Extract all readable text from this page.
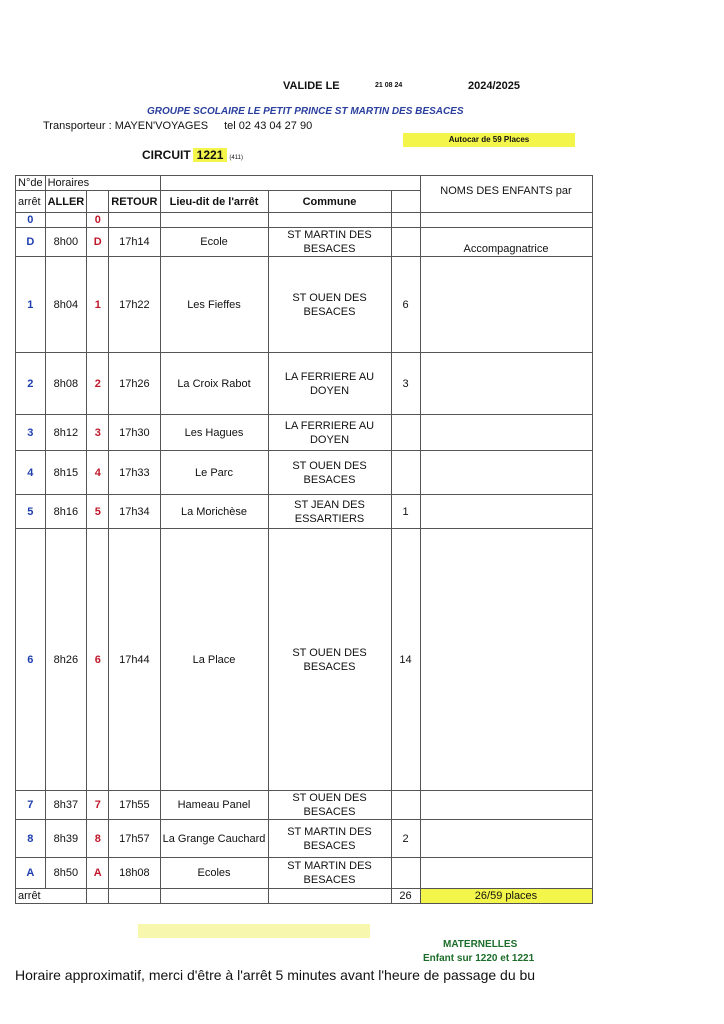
VALIDE LE	21 08 24	2024/2025
GROUPE SCOLAIRE LE PETIT PRINCE ST MARTIN DES BESACES
Transporteur : MAYEN'VOYAGES tel 02 43 04 27 90
Autocar de 59 Places
CIRCUIT 1221 (411)
N°de	Horaires						NOMS DES ENFANTS par
arrêt	ALLER		RETOUR	Lieu-dit de l'arrêt	Commune		
0		0					
D	8h00	D	17h14	Ecole	ST MARTIN DES BESACES		Accompagnatrice
1	8h04	1	17h22	Les Fieffes	ST OUEN DES BESACES	6	
2	8h08	2	17h26	La Croix Rabot	LA FERRIERE AU DOYEN	3	
3	8h12	3	17h30	Les Hagues	LA FERRIERE AU DOYEN		
4	8h15	4	17h33	Le Parc	ST OUEN DES BESACES		
5	8h16	5	17h34	La Morichèse	ST JEAN DES ESSARTIERS	1	
6	8h26	6	17h44	La Place	ST OUEN DES BESACES	14	
7	8h37	7	17h55	Hameau Panel	ST OUEN DES BESACES		
8	8h39	8	17h57	La Grange Cauchard	ST MARTIN DES BESACES	2	
A	8h50	A	18h08	Ecoles	ST MARTIN DES BESACES		
arrêt						26	26/59 places
MATERNELLES
Enfant sur 1220 et 1221
Horaire approximatif, merci d'être à l'arrêt 5 minutes avant l'heure de passage du bu
